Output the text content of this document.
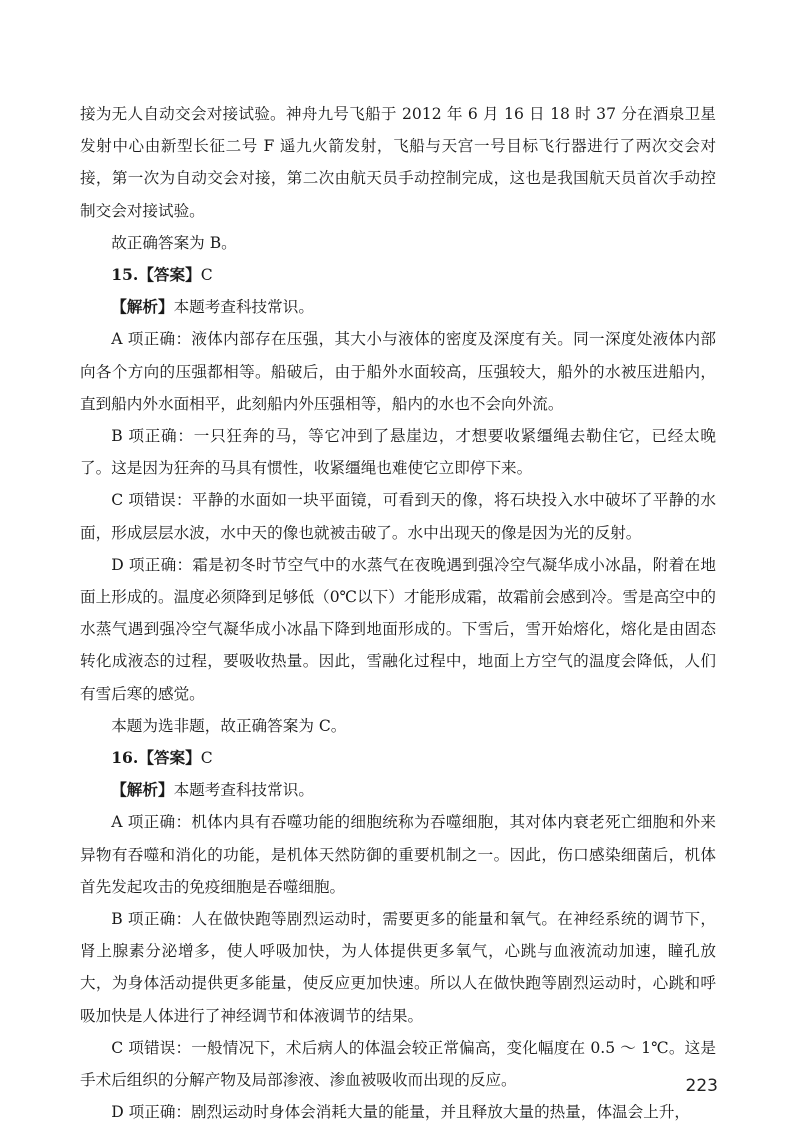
接为无人自动交会对接试验。神舟九号飞船于 2012 年 6 月 16 日 18 时 37 分在酒泉卫星发射中心由新型长征二号 F 遥九火箭发射，飞船与天宫一号目标飞行器进行了两次交会对接，第一次为自动交会对接，第二次由航天员手动控制完成，这也是我国航天员首次手动控制交会对接试验。

故正确答案为 B。

15.【答案】C

【解析】本题考查科技常识。

A 项正确：液体内部存在压强，其大小与液体的密度及深度有关。同一深度处液体内部向各个方向的压强都相等。船破后，由于船外水面较高，压强较大，船外的水被压进船内，直到船内外水面相平，此刻船内外压强相等，船内的水也不会向外流。

B 项正确：一只狂奔的马，等它冲到了悬崖边，才想要收紧缰绳去勒住它，已经太晚了。这是因为狂奔的马具有惯性，收紧缰绳也难使它立即停下来。

C 项错误：平静的水面如一块平面镜，可看到天的像，将石块投入水中破坏了平静的水面，形成层层水波，水中天的像也就被击破了。水中出现天的像是因为光的反射。

D 项正确：霜是初冬时节空气中的水蒸气在夜晚遇到强冷空气凝华成小冰晶，附着在地面上形成的。温度必须降到足够低（0℃以下）才能形成霜，故霜前会感到冷。雪是高空中的水蒸气遇到强冷空气凝华成小冰晶下降到地面形成的。下雪后，雪开始熔化，熔化是由固态转化成液态的过程，要吸收热量。因此，雪融化过程中，地面上方空气的温度会降低，人们有雪后寒的感觉。

本题为选非题，故正确答案为 C。

16.【答案】C

【解析】本题考查科技常识。

A 项正确：机体内具有吞噬功能的细胞统称为吞噬细胞，其对体内衰老死亡细胞和外来异物有吞噬和消化的功能，是机体天然防御的重要机制之一。因此，伤口感染细菌后，机体首先发起攻击的免疫细胞是吞噬细胞。

B 项正确：人在做快跑等剧烈运动时，需要更多的能量和氧气。在神经系统的调节下，肾上腺素分泌增多，使人呼吸加快，为人体提供更多氧气，心跳与血液流动加速，瞳孔放大，为身体活动提供更多能量，使反应更加快速。所以人在做快跑等剧烈运动时，心跳和呼吸加快是人体进行了神经调节和体液调节的结果。

C 项错误：一般情况下，术后病人的体温会较正常偏高，变化幅度在 0.5 ～ 1℃。这是手术后组织的分解产物及局部渗液、渗血被吸收而出现的反应。

D 项正确：剧烈运动时身体会消耗大量的能量，并且释放大量的热量，体温会上升，

223
